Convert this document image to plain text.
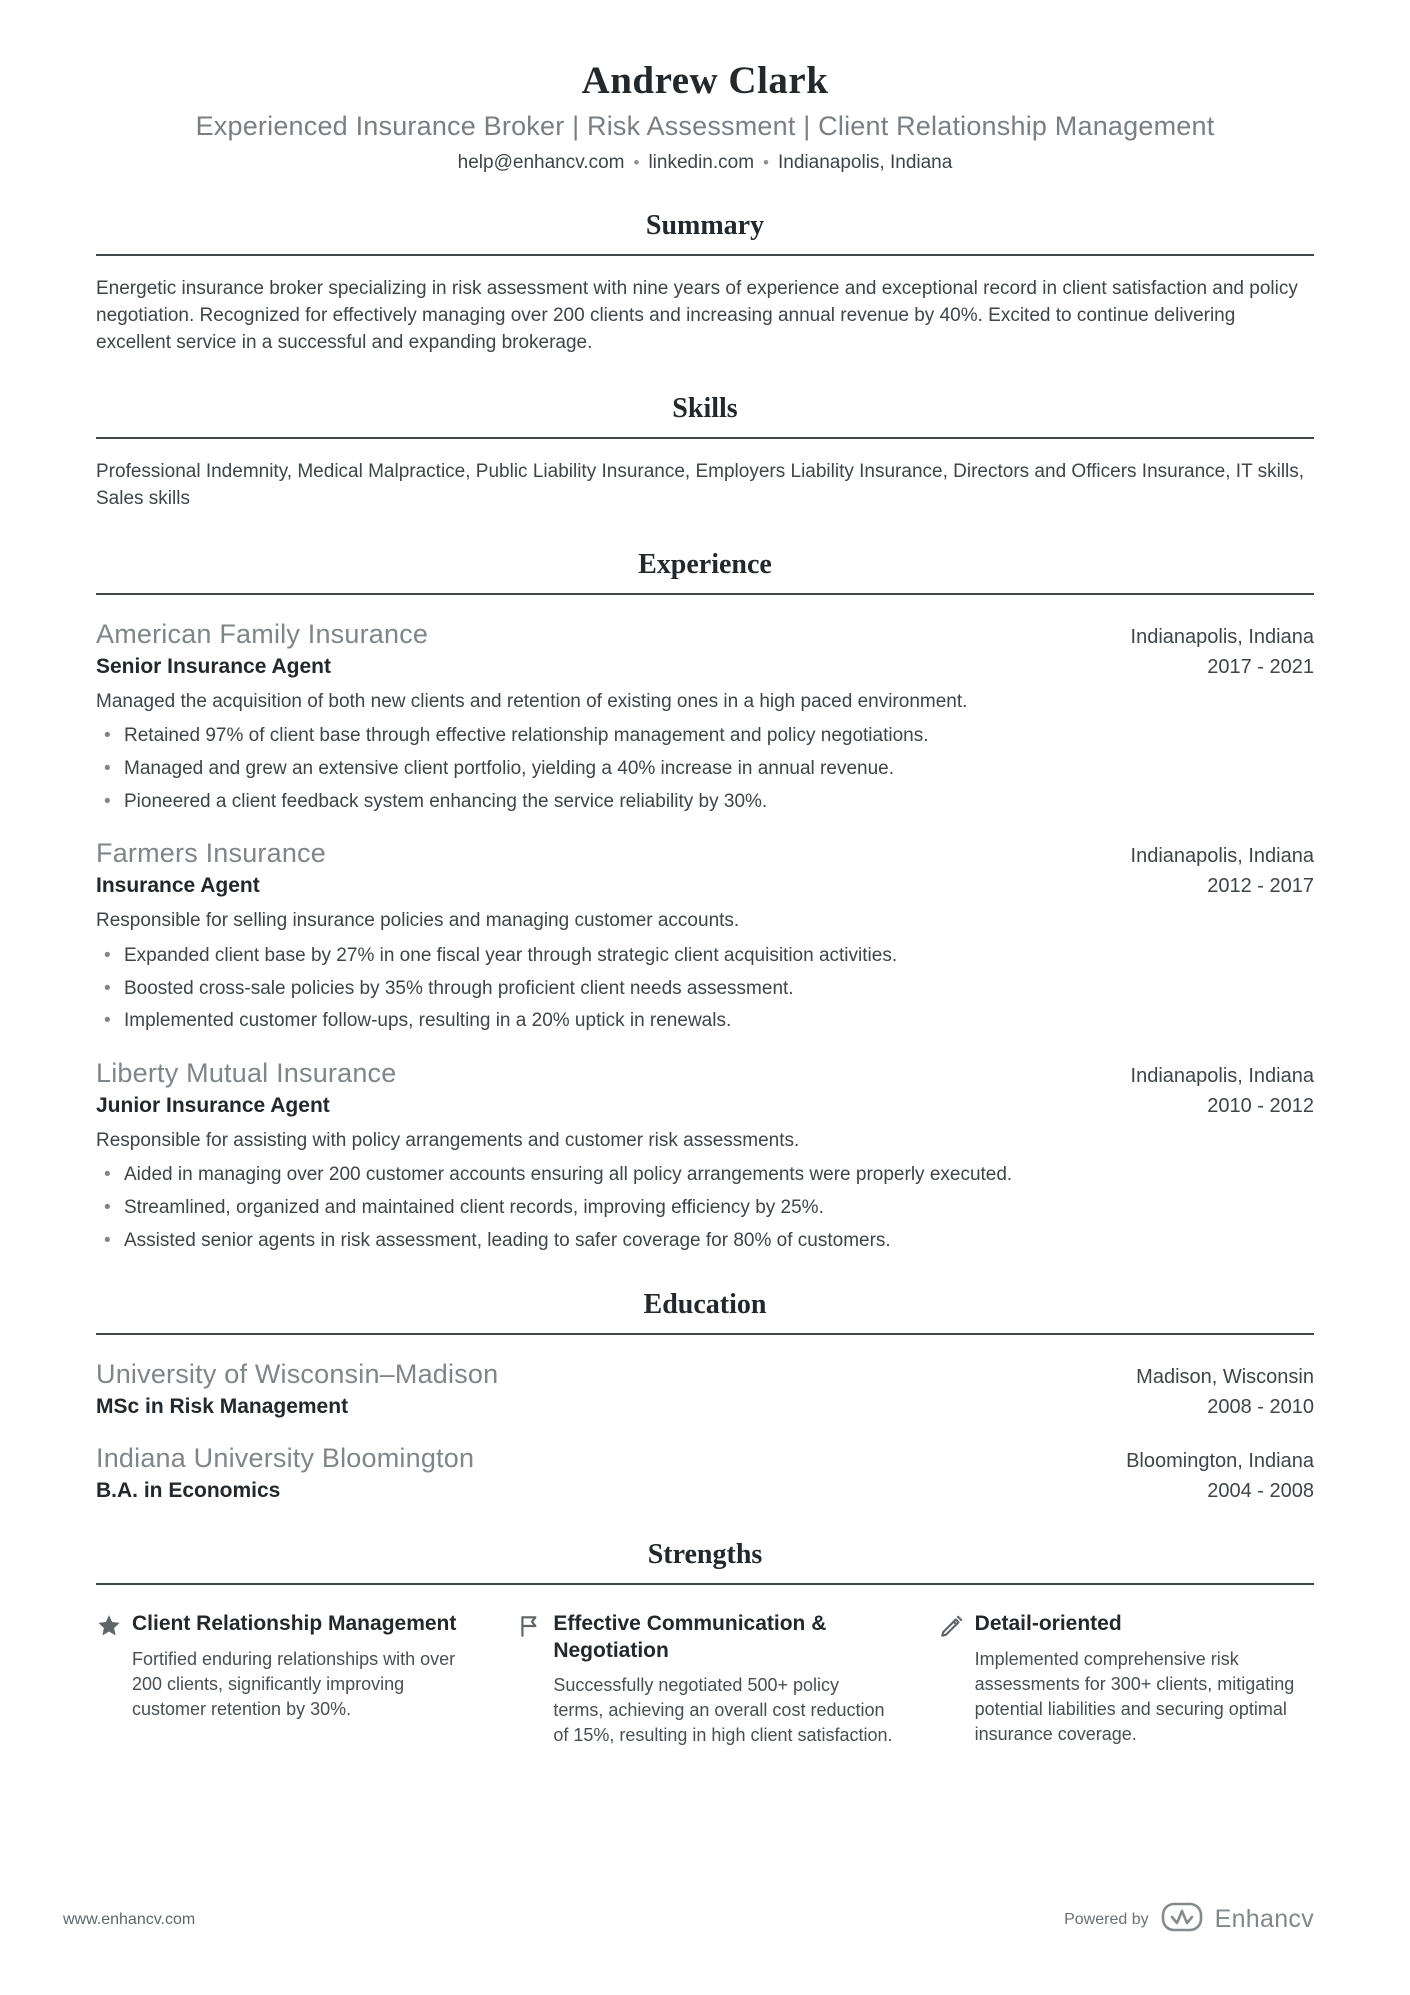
Andrew Clark
Experienced Insurance Broker | Risk Assessment | Client Relationship Management
help@enhancv.com • linkedin.com • Indianapolis, Indiana
Summary

Energetic insurance broker specializing in risk assessment with nine years of experience and exceptional record in client satisfaction and policy negotiation. Recognized for effectively managing over 200 clients and increasing annual revenue by 40%. Excited to continue delivering excellent service in a successful and expanding brokerage.

Skills

Professional Indemnity, Medical Malpractice, Public Liability Insurance, Employers Liability Insurance, Directors and Officers Insurance, IT skills, Sales skills

Experience
American Family Insurance	Indianapolis, Indiana
Senior Insurance Agent	2017 - 2021

Managed the acquisition of both new clients and retention of existing ones in a high paced environment.

• Retained 97% of client base through effective relationship management and policy negotiations.
• Managed and grew an extensive client portfolio, yielding a 40% increase in annual revenue.
• Pioneered a client feedback system enhancing the service reliability by 30%.
Farmers Insurance	Indianapolis, Indiana
Insurance Agent	2012 - 2017

Responsible for selling insurance policies and managing customer accounts.

• Expanded client base by 27% in one fiscal year through strategic client acquisition activities.
• Boosted cross-sale policies by 35% through proficient client needs assessment.
• Implemented customer follow-ups, resulting in a 20% uptick in renewals.
Liberty Mutual Insurance	Indianapolis, Indiana
Junior Insurance Agent	2010 - 2012

Responsible for assisting with policy arrangements and customer risk assessments.

• Aided in managing over 200 customer accounts ensuring all policy arrangements were properly executed.
• Streamlined, organized and maintained client records, improving efficiency by 25%.
• Assisted senior agents in risk assessment, leading to safer coverage for 80% of customers.
Education
University of Wisconsin–Madison	Madison, Wisconsin
MSc in Risk Management	2008 - 2010
Indiana University Bloomington	Bloomington, Indiana
B.A. in Economics	2004 - 2008
Strengths
Client Relationship Management

Fortified enduring relationships with over 200 clients, significantly improving customer retention by 30%.

Effective Communication & Negotiation

Successfully negotiated 500+ policy terms, achieving an overall cost reduction of 15%, resulting in high client satisfaction.

Detail-oriented

Implemented comprehensive risk assessments for 300+ clients, mitigating potential liabilities and securing optimal insurance coverage.

www.enhancv.com	Powered by	Enhancv
